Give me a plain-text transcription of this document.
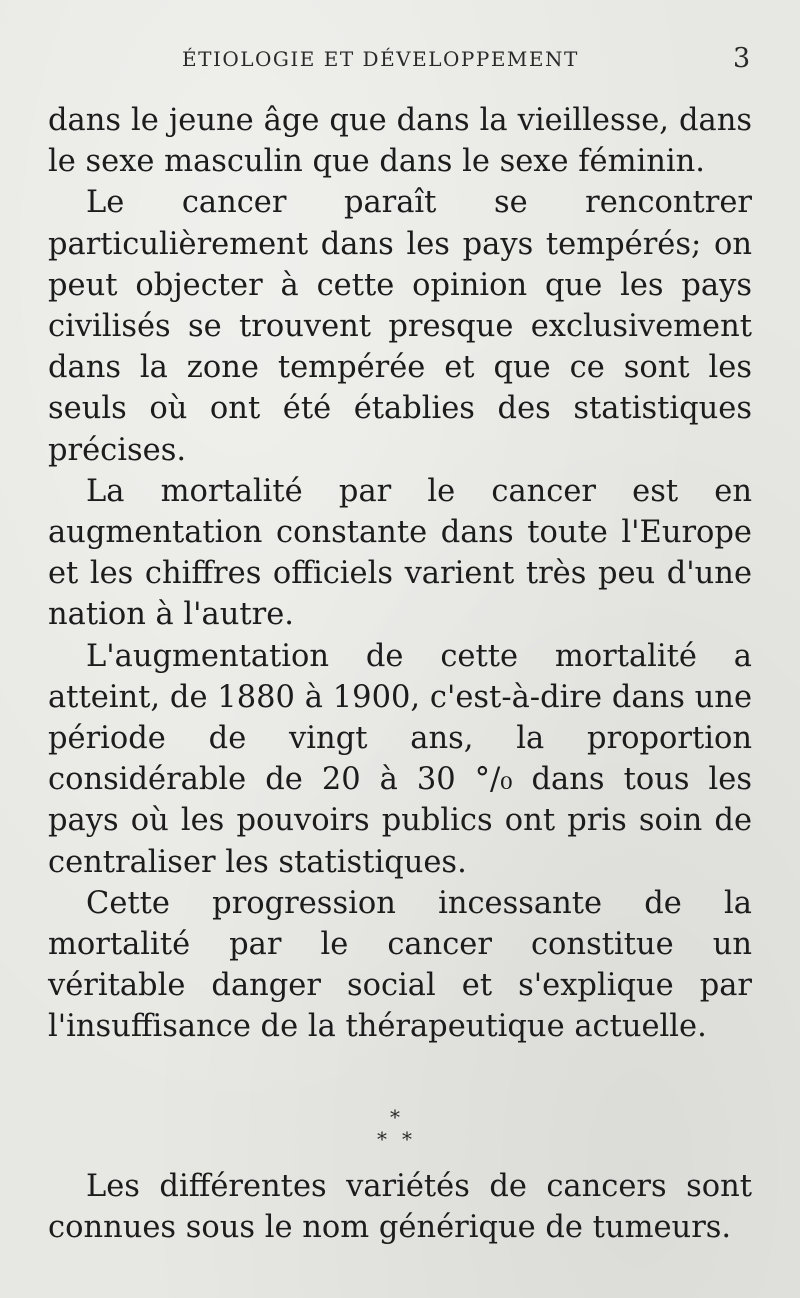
ÉTIOLOGIE ET DÉVELOPPEMENT	3

dans le jeune âge que dans la vieillesse, dans le sexe masculin que dans le sexe féminin.

Le cancer paraît se rencontrer particulièrement dans les pays tempérés; on peut objecter à cette opinion que les pays civilisés se trouvent presque exclusivement dans la zone tempérée et que ce sont les seuls où ont été établies des statistiques précises.

La mortalité par le cancer est en augmentation constante dans toute l'Europe et les chiffres officiels varient très peu d'une nation à l'autre.

L'augmentation de cette mortalité a atteint, de 1880 à 1900, c'est-à-dire dans une période de vingt ans, la proportion considérable de 20 à 30 °/₀ dans tous les pays où les pouvoirs publics ont pris soin de centraliser les statistiques.

Cette progression incessante de la mortalité par le cancer constitue un véritable danger social et s'explique par l'insuffisance de la thérapeutique actuelle.

*
* *

Les différentes variétés de cancers sont connues sous le nom générique de tumeurs.
